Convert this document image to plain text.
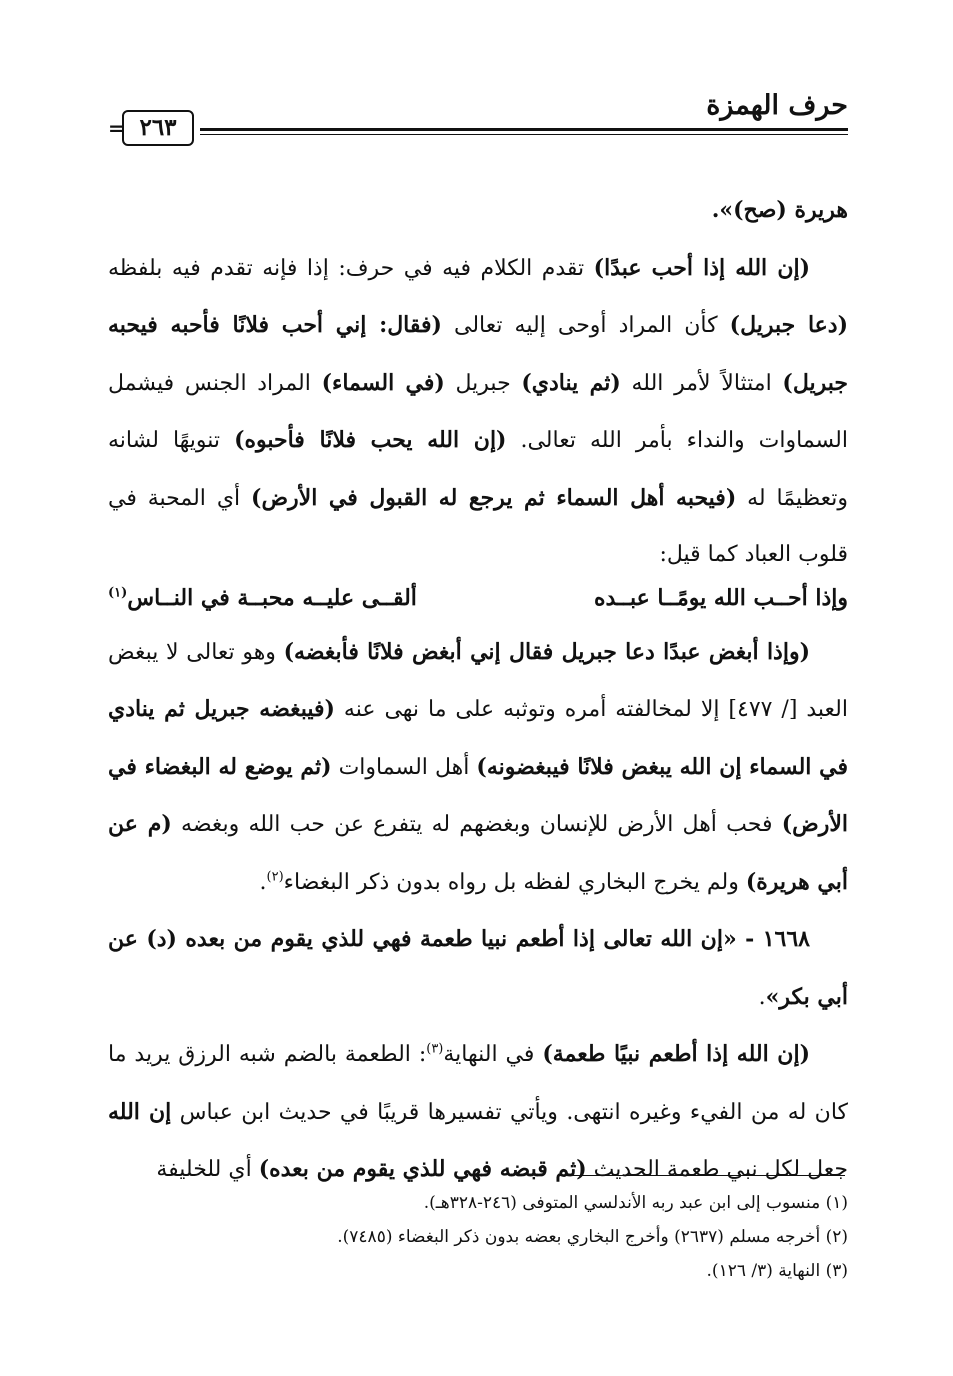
حرف الهمزة
٢٦٣
=

هريرة (صح)».

(إن الله إذا أحب عبدًا) تقدم الكلام فيه في حرف: إذا فإنه تقدم فيه بلفظه (دعا جبريل) كأن المراد أوحى إليه تعالى (فقال: إني أحب فلانًا فأحبه فيحبه جبريل) امتثالاً لأمر الله (ثم ينادي) جبريل (في السماء) المراد الجنس فيشمل السماوات والنداء بأمر الله تعالى. (إن الله يحب فلانًا فأحبوه) تنويهًا لشانه وتعظيمًا له (فيحبه أهل السماء ثم يرجع له القبول في الأرض) أي المحبة في قلوب العباد كما قيل:

وإذا أحــب الله يومًــا عبــده
ألقــى عليــه محبــة في النــاس$^{(١)}$

(وإذا أبغض عبدًا دعا جبريل فقال إني أبغض فلانًا فأبغضه) وهو تعالى لا يبغض العبد [/ ٤٧٧] إلا لمخالفته أمره وتوثبه على ما نهى عنه (فيبغضه جبريل ثم ينادي في السماء إن الله يبغض فلانًا فيبغضونه) أهل السماوات (ثم يوضع له البغضاء في الأرض) فحب أهل الأرض للإنسان وبغضهم له يتفرع عن حب الله وبغضه (م عن أبي هريرة) ولم يخرج البخاري لفظه بل رواه بدون ذكر البغضاء$^{(٢)}$.

١٦٦٨ - «إن الله تعالى إذا أطعم نبيا طعمة فهي للذي يقوم من بعده (د) عن أبي بكر».

(إن الله إذا أطعم نبيًا طعمة) في النهاية$^{(٣)}$: الطعمة بالضم شبه الرزق يريد ما كان له من الفيء وغيره انتهى. ويأتي تفسيرها قريبًا في حديث ابن عباس إن الله جعل لكل نبي طعمة الحديث (ثم قبضه فهي للذي يقوم من بعده) أي للخليفة

(١) منسوب إلى ابن عبد ربه الأندلسي المتوفى (٢٤٦-٣٢٨هـ).
(٢) أخرجه مسلم (٢٦٣٧) وأخرج البخاري بعضه بدون ذكر البغضاء (٧٤٨٥).
(٣) النهاية (٣/ ١٢٦).
